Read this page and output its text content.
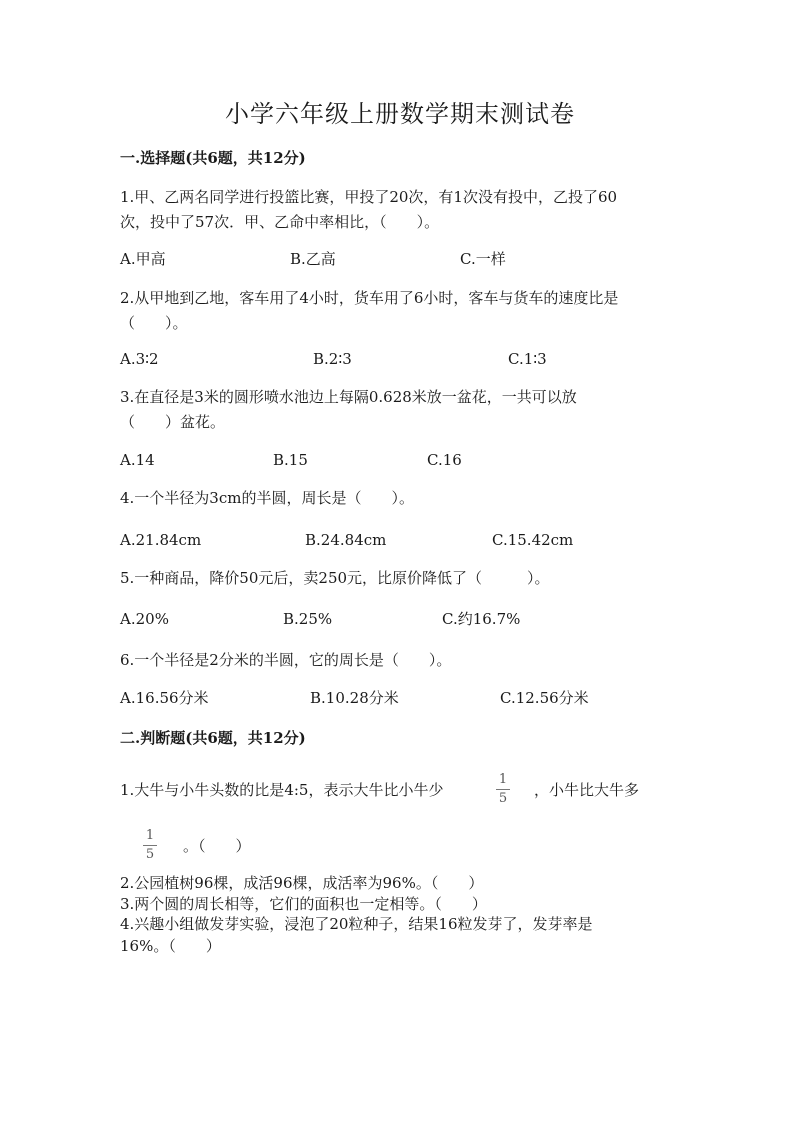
小学六年级上册数学期末测试卷
一.选择题(共6题，共12分)
1.甲、乙两名同学进行投篮比赛，甲投了20次，有1次没有投中，乙投了60
次，投中了57次．甲、乙命中率相比，（　　）。
A.甲高	B.乙高	C.一样
2.从甲地到乙地，客车用了4小时，货车用了6小时，客车与货车的速度比是
（　　）。
A.3∶2	B.2∶3	C.1∶3
3.在直径是3米的圆形喷水池边上每隔0.628米放一盆花，一共可以放
（　　）盆花。
A.14	B.15	C.16
4.一个半径为3cm的半圆，周长是（　　）。
A.21.84cm	B.24.84cm	C.15.42cm
5.一种商品，降价50元后，卖250元，比原价降低了（　　　）。
A.20%	B.25%	C.约16.7%
6.一个半径是2分米的半圆，它的周长是（　　）。
A.16.56分米	B.10.28分米	C.12.56分米
二.判断题(共6题，共12分)
1.大牛与小牛头数的比是4:5，表示大牛比小牛少
1
5 ，小牛比大牛多
1
5 。（　　）
2.公园植树96棵，成活96棵，成活率为96%。（　　）
3.两个圆的周长相等，它们的面积也一定相等。（　　）
4.兴趣小组做发芽实验，浸泡了20粒种子，结果16粒发芽了，发芽率是
16%。（　　）
